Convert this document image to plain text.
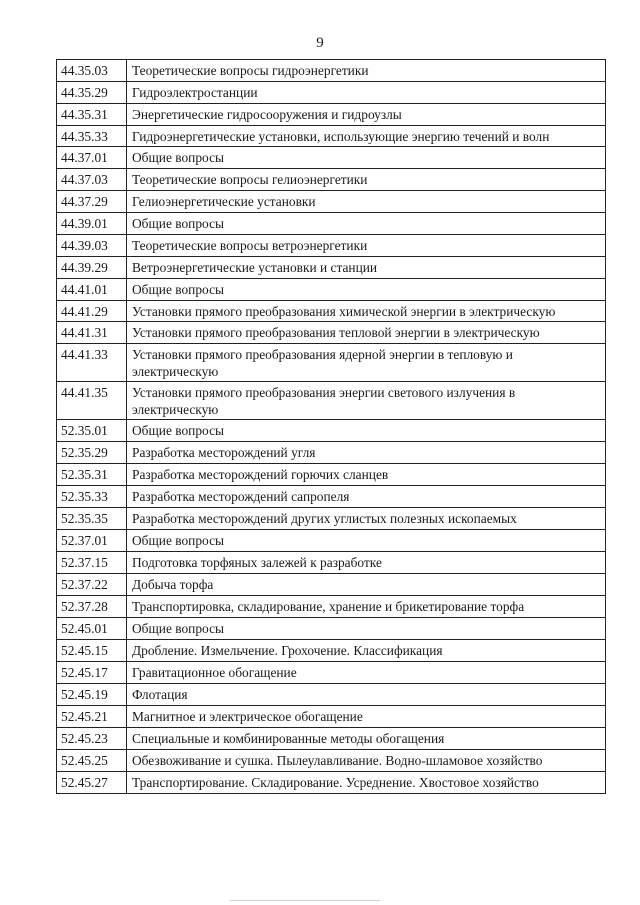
9
44.35.03	Теоретические вопросы гидроэнергетики
44.35.29	Гидроэлектростанции
44.35.31	Энергетические гидросооружения и гидроузлы
44.35.33	Гидроэнергетические установки, использующие энергию течений и волн
44.37.01	Общие вопросы
44.37.03	Теоретические вопросы гелиоэнергетики
44.37.29	Гелиоэнергетические установки
44.39.01	Общие вопросы
44.39.03	Теоретические вопросы ветроэнергетики
44.39.29	Ветроэнергетические установки и станции
44.41.01	Общие вопросы
44.41.29	Установки прямого преобразования химической энергии в электрическую
44.41.31	Установки прямого преобразования тепловой энергии в электрическую
44.41.33	Установки прямого преобразования ядерной энергии в тепловую и электрическую
44.41.35	Установки прямого преобразования энергии светового излучения в электрическую
52.35.01	Общие вопросы
52.35.29	Разработка месторождений угля
52.35.31	Разработка месторождений горючих сланцев
52.35.33	Разработка месторождений сапропеля
52.35.35	Разработка месторождений других углистых полезных ископаемых
52.37.01	Общие вопросы
52.37.15	Подготовка торфяных залежей к разработке
52.37.22	Добыча торфа
52.37.28	Транспортировка, складирование, хранение и брикетирование торфа
52.45.01	Общие вопросы
52.45.15	Дробление. Измельчение. Грохочение. Классификация
52.45.17	Гравитационное обогащение
52.45.19	Флотация
52.45.21	Магнитное и электрическое обогащение
52.45.23	Специальные и комбинированные методы обогащения
52.45.25	Обезвоживание и сушка. Пылеулавливание. Водно-шламовое хозяйство
52.45.27	Транспортирование. Складирование. Усреднение. Хвостовое хозяйство
